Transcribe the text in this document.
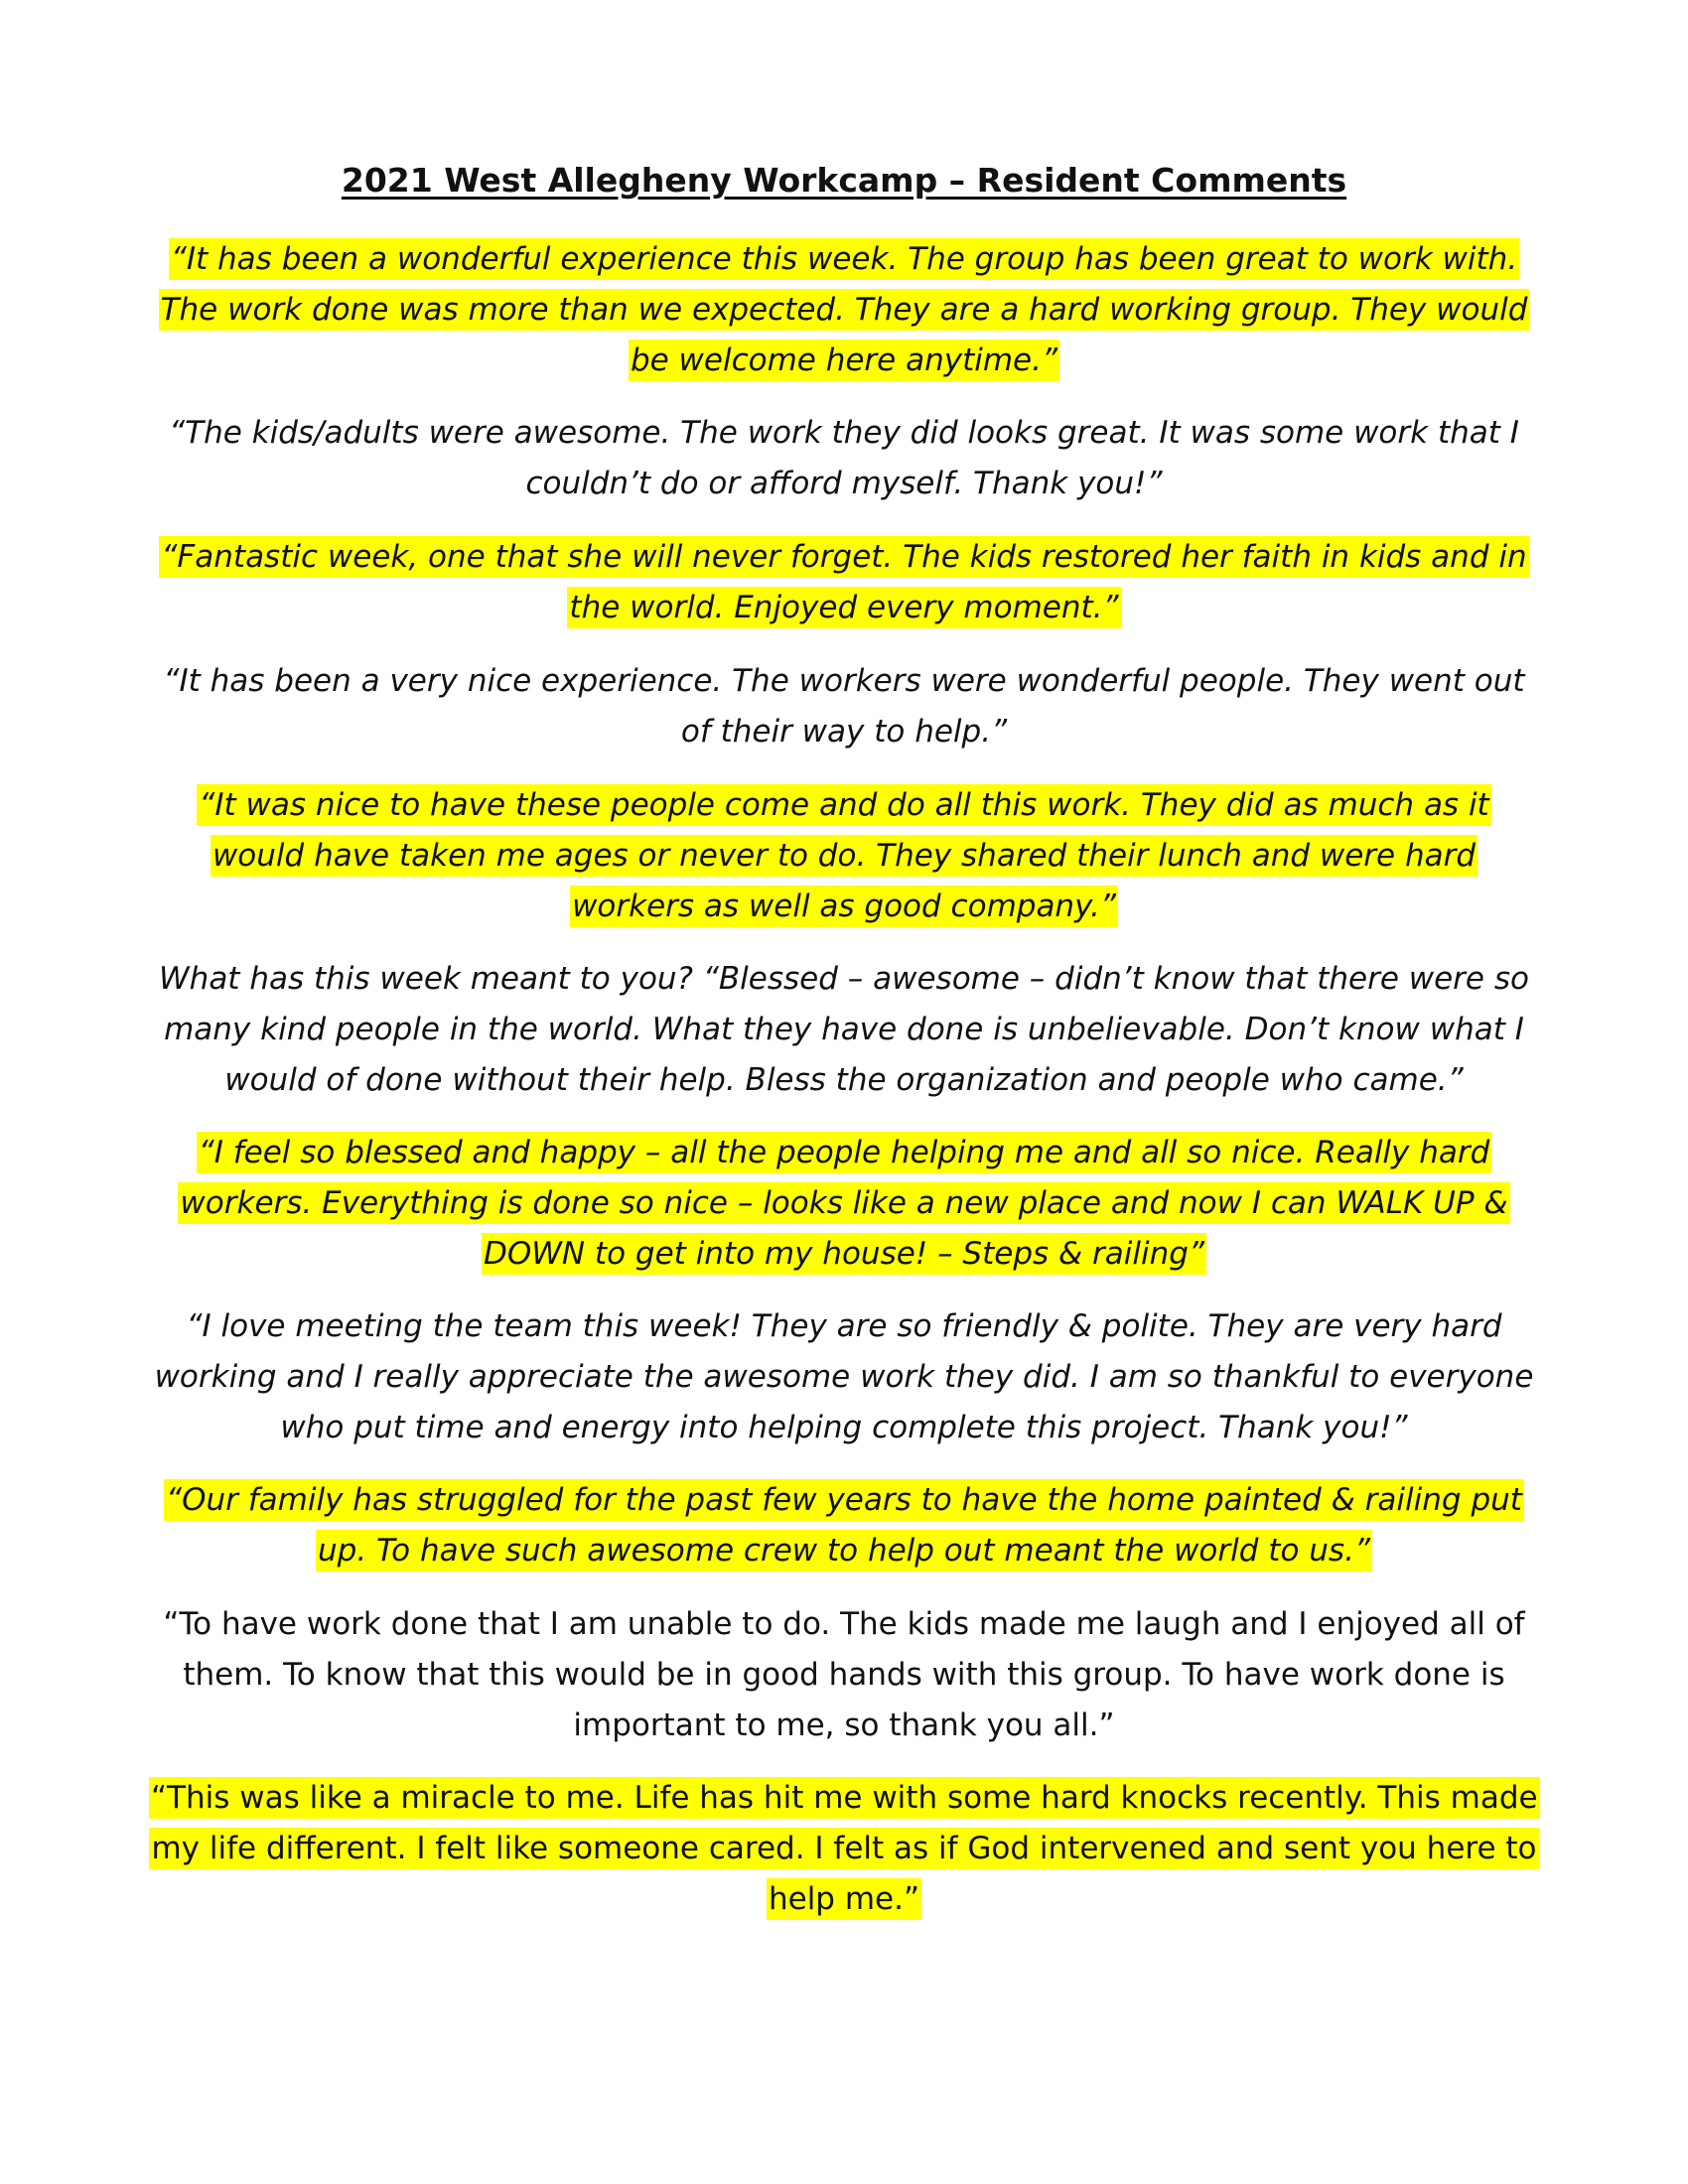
2021 West Allegheny Workcamp – Resident Comments

“It has been a wonderful experience this week. The group has been great to work with. The work done was more than we expected. They are a hard working group. They would be welcome here anytime.”

“The kids/adults were awesome. The work they did looks great. It was some work that I couldn’t do or afford myself. Thank you!”

“Fantastic week, one that she will never forget. The kids restored her faith in kids and in the world. Enjoyed every moment.”

“It has been a very nice experience. The workers were wonderful people. They went out of their way to help.”

“It was nice to have these people come and do all this work. They did as much as it would have taken me ages or never to do. They shared their lunch and were hard workers as well as good company.”

What has this week meant to you? “Blessed – awesome – didn’t know that there were so many kind people in the world. What they have done is unbelievable. Don’t know what I would of done without their help. Bless the organization and people who came.”

“I feel so blessed and happy – all the people helping me and all so nice. Really hard workers. Everything is done so nice – looks like a new place and now I can WALK UP & DOWN to get into my house! – Steps & railing”

“I love meeting the team this week! They are so friendly & polite. They are very hard working and I really appreciate the awesome work they did. I am so thankful to everyone who put time and energy into helping complete this project. Thank you!”

“Our family has struggled for the past few years to have the home painted & railing put up. To have such awesome crew to help out meant the world to us.”

“To have work done that I am unable to do. The kids made me laugh and I enjoyed all of them. To know that this would be in good hands with this group. To have work done is important to me, so thank you all.”

“This was like a miracle to me. Life has hit me with some hard knocks recently. This made my life different. I felt like someone cared. I felt as if God intervened and sent you here to help me.”
